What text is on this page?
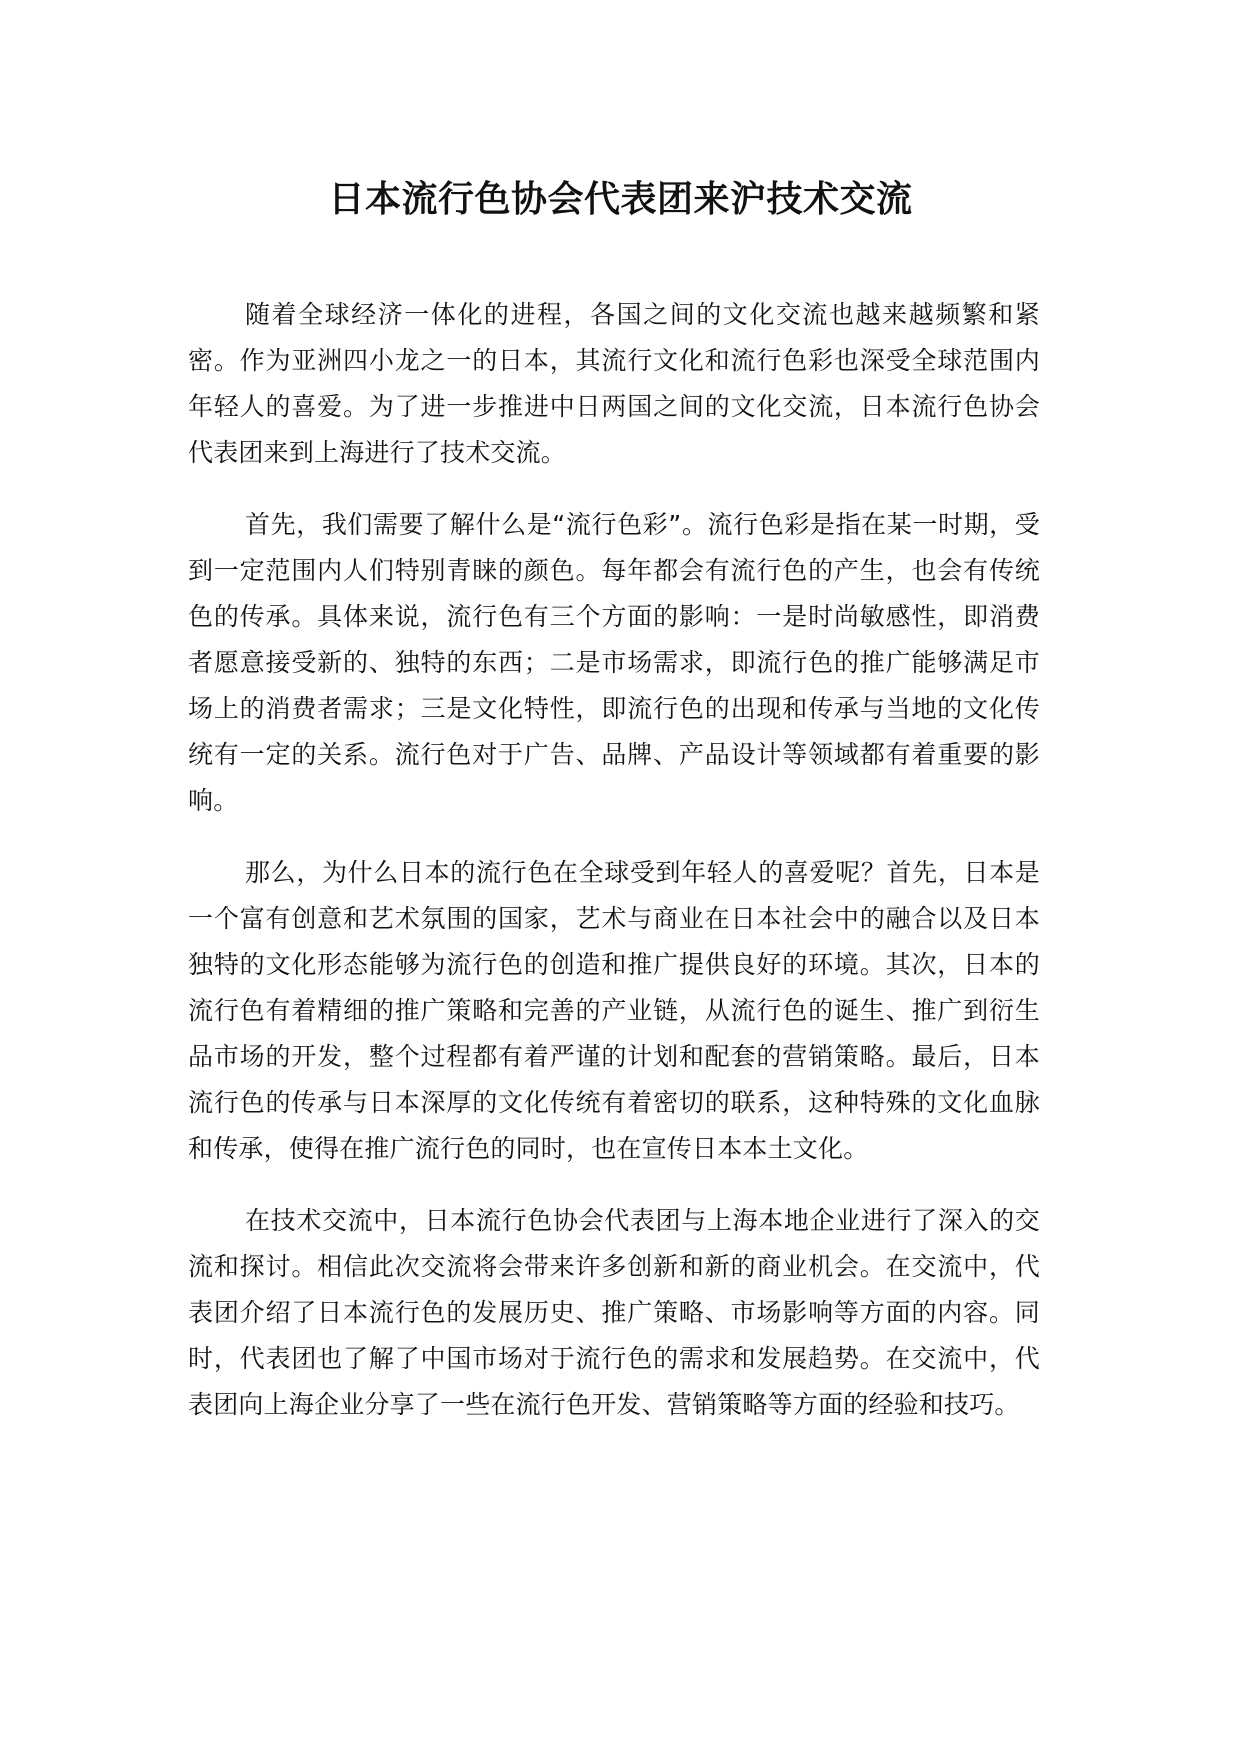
日本流行色协会代表团来沪技术交流

随着全球经济一体化的进程，各国之间的文化交流也越来越频繁和紧密。作为亚洲四小龙之一的日本，其流行文化和流行色彩也深受全球范围内年轻人的喜爱。为了进一步推进中日两国之间的文化交流，日本流行色协会代表团来到上海进行了技术交流。

首先，我们需要了解什么是“流行色彩”。流行色彩是指在某一时期，受到一定范围内人们特别青睐的颜色。每年都会有流行色的产生，也会有传统色的传承。具体来说，流行色有三个方面的影响：一是时尚敏感性，即消费者愿意接受新的、独特的东西；二是市场需求，即流行色的推广能够满足市场上的消费者需求；三是文化特性，即流行色的出现和传承与当地的文化传统有一定的关系。流行色对于广告、品牌、产品设计等领域都有着重要的影响。

那么，为什么日本的流行色在全球受到年轻人的喜爱呢？首先，日本是一个富有创意和艺术氛围的国家，艺术与商业在日本社会中的融合以及日本独特的文化形态能够为流行色的创造和推广提供良好的环境。其次，日本的流行色有着精细的推广策略和完善的产业链，从流行色的诞生、推广到衍生品市场的开发，整个过程都有着严谨的计划和配套的营销策略。最后，日本流行色的传承与日本深厚的文化传统有着密切的联系，这种特殊的文化血脉和传承，使得在推广流行色的同时，也在宣传日本本土文化。

在技术交流中，日本流行色协会代表团与上海本地企业进行了深入的交流和探讨。相信此次交流将会带来许多创新和新的商业机会。在交流中，代表团介绍了日本流行色的发展历史、推广策略、市场影响等方面的内容。同时，代表团也了解了中国市场对于流行色的需求和发展趋势。在交流中，代表团向上海企业分享了一些在流行色开发、营销策略等方面的经验和技巧。
